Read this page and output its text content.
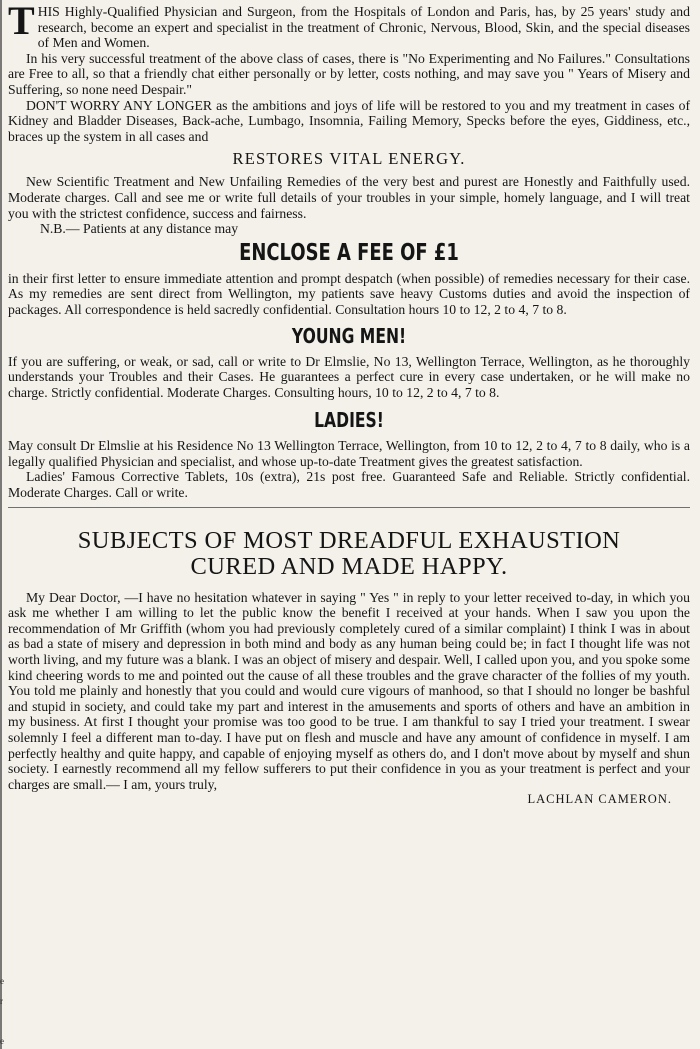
e
r
e

THIS Highly-Qualified Physician and Surgeon, from the Hospitals of London and Paris, has, by 25 years' study and research, become an expert and specialist in the treatment of Chronic, Nervous, Blood, Skin, and the special diseases of Men and Women.

In his very successful treatment of the above class of cases, there is "No Experimenting and No Failures." Consultations are Free to all, so that a friendly chat either personally or by letter, costs nothing, and may save you " Years of Misery and Suffering, so none need Despair."

DON'T WORRY ANY LONGER as the ambitions and joys of life will be restored to you and my treatment in cases of Kidney and Bladder Diseases, Back-ache, Lumbago, Insomnia, Failing Memory, Specks before the eyes, Giddiness, etc., braces up the system in all cases and

RESTORES VITAL ENERGY.

New Scientific Treatment and New Unfailing Remedies of the very best and purest are Honestly and Faithfully used. Moderate charges. Call and see me or write full details of your troubles in your simple, homely language, and I will treat you with the strictest confidence, success and fairness.

N.B.— Patients at any distance may

ENCLOSE A FEE OF £1

in their first letter to ensure immediate attention and prompt despatch (when possible) of remedies necessary for their case. As my remedies are sent direct from Wellington, my patients save heavy Customs duties and avoid the inspection of packages. All correspondence is held sacredly confidential. Consultation hours 10 to 12, 2 to 4, 7 to 8.

YOUNG MEN!

If you are suffering, or weak, or sad, call or write to Dr Elmslie, No 13, Wellington Terrace, Wellington, as he thoroughly understands your Troubles and their Cases. He guarantees a perfect cure in every case undertaken, or he will make no charge. Strictly confidential. Moderate Charges. Consulting hours, 10 to 12, 2 to 4, 7 to 8.

LADIES!

May consult Dr Elmslie at his Residence No 13 Wellington Terrace, Wellington, from 10 to 12, 2 to 4, 7 to 8 daily, who is a legally qualified Physician and specialist, and whose up-to-date Treatment gives the greatest satisfaction.

Ladies' Famous Corrective Tablets, 10s (extra), 21s post free. Guaranteed Safe and Reliable. Strictly confidential. Moderate Charges. Call or write.

SUBJECTS OF MOST DREADFUL EXHAUSTION
CURED AND MADE HAPPY.

My Dear Doctor, —I have no hesitation whatever in saying " Yes " in reply to your letter received to-day, in which you ask me whether I am willing to let the public know the benefit I received at your hands. When I saw you upon the recommendation of Mr Griffith (whom you had previously completely cured of a similar complaint) I think I was in about as bad a state of misery and depression in both mind and body as any human being could be; in fact I thought life was not worth living, and my future was a blank. I was an object of misery and despair. Well, I called upon you, and you spoke some kind cheering words to me and pointed out the cause of all these troubles and the grave character of the follies of my youth. You told me plainly and honestly that you could and would cure vigours of manhood, so that I should no longer be bashful and stupid in society, and could take my part and interest in the amusements and sports of others and have an ambition in my business. At first I thought your promise was too good to be true. I am thankful to say I tried your treatment. I swear solemnly I feel a different man to-day. I have put on flesh and muscle and have any amount of confidence in myself. I am perfectly healthy and quite happy, and capable of enjoying myself as others do, and I don't move about by myself and shun society. I earnestly recommend all my fellow sufferers to put their confidence in you as your treatment is perfect and your charges are small.— I am, yours truly,

LACHLAN CAMERON.
